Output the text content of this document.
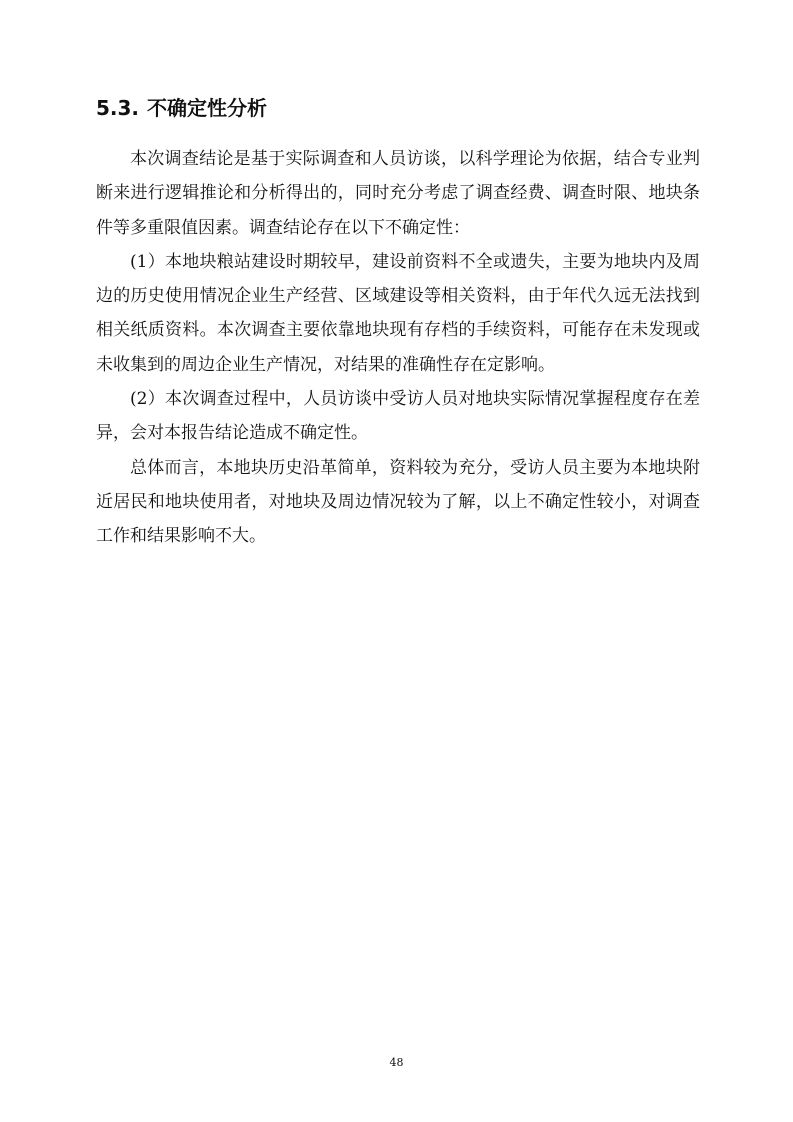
5.3. 不确定性分析

本次调查结论是基于实际调查和人员访谈，以科学理论为依据，结合专业判断来进行逻辑推论和分析得出的，同时充分考虑了调查经费、调查时限、地块条件等多重限值因素。调查结论存在以下不确定性：

(1）本地块粮站建设时期较早，建设前资料不全或遗失，主要为地块内及周边的历史使用情况企业生产经营、区域建设等相关资料，由于年代久远无法找到相关纸质资料。本次调查主要依靠地块现有存档的手续资料，可能存在未发现或未收集到的周边企业生产情况，对结果的准确性存在定影响。

(2）本次调查过程中，人员访谈中受访人员对地块实际情况掌握程度存在差异，会对本报告结论造成不确定性。

总体而言，本地块历史沿革简单，资料较为充分，受访人员主要为本地块附近居民和地块使用者，对地块及周边情况较为了解，以上不确定性较小，对调查工作和结果影响不大。

48
